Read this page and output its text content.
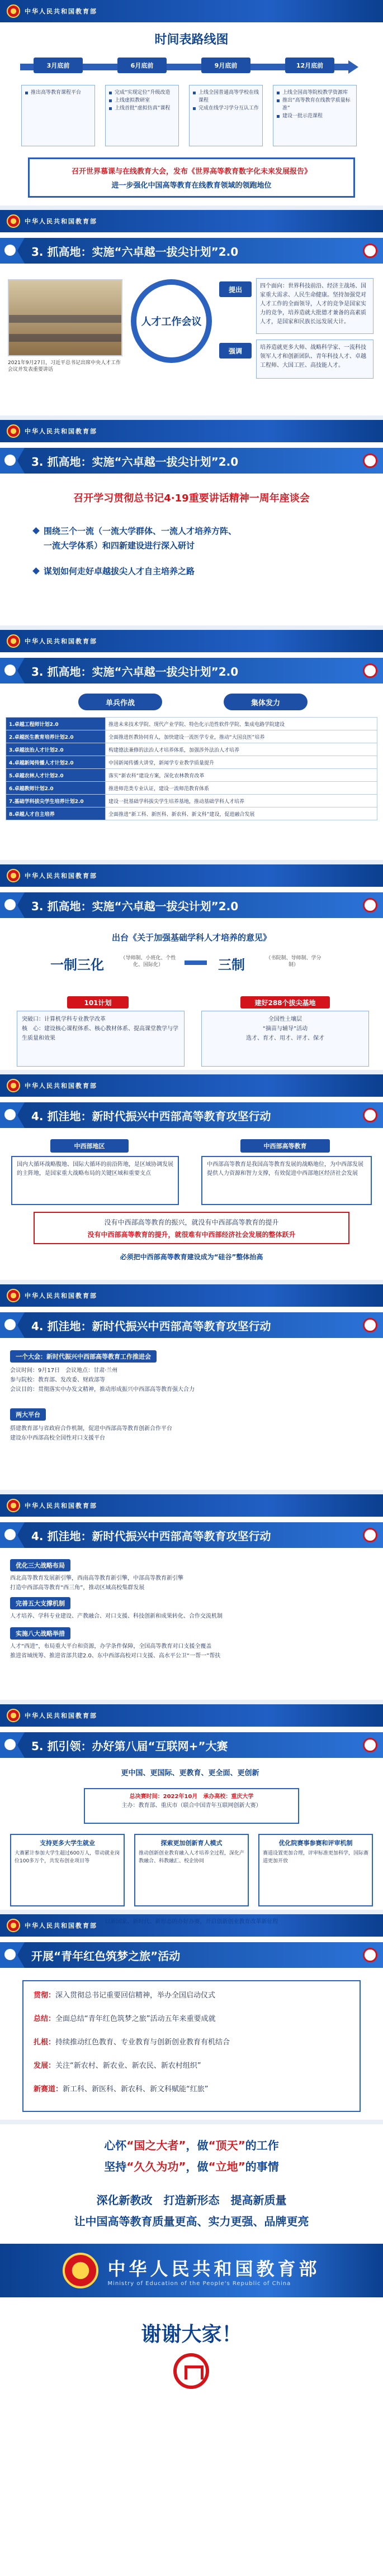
中华人民共和国教育部
时间表路线图
3月底前	6月底前	9月底前	12月底前
推出高等教育课程平台	完成“实现定位”升级改造
上线虚拟教研室
上线首批“虚拟仿真”课程
上线全国普通高等学校在线课程
完成在线学习学分互认工作
上线全国高等院校教学资源库
推出“高等教育在线教学质量标准”
建设一批示范课程
召开世界慕课与在线教育大会，发布《世界高等教育数字化未来发展报告》
进一步强化中国高等教育在线教育领域的领跑地位
中华人民共和国教育部
3. 抓高地：实施“六卓越一拔尖计划”2.0
2021年9月27日，习近平总书记出席中央人才工作会议并发表重要讲话
人才工作会议
提出	四个面向：世界科技前沿、经济主战场、国家重大需求、人民生命健康。坚持加强党对人才工作的全面领导，人才的竞争是国家实力的竞争，培养造就大批德才兼备的高素质人才，是国家和民族长远发展大计。
强调	培养造就更多大师、战略科学家、一流科技领军人才和创新团队、青年科技人才、卓越工程师、大国工匠、高技能人才。
中华人民共和国教育部
3. 抓高地：实施“六卓越一拔尖计划”2.0
召开学习贯彻总书记4·19重要讲话精神一周年座谈会
围绕三个一流（一流大学群体、一流人才培养方阵、
一流大学体系）和四新建设进行深入研讨
谋划如何走好卓越拔尖人才自主培养之路
中华人民共和国教育部
3. 抓高地：实施“六卓越一拔尖计划”2.0
单兵作战	集体发力
1.卓越工程师计划2.0	推进未来技术学院、现代产业学院、特色化示范性软件学院、集成电路学院建设
2.卓越医生教育培养计划2.0	全面推进医教协同育人，加快建设一流医学专业，推动“大国良医”培养
3.卓越法治人才计划2.0	构建德法兼修的法治人才培养体系，加强涉外法治人才培养
4.卓越新闻传播人才计划2.0	中国新闻传播大讲堂，新闻学专业教学质量提升
5.卓越农林人才计划2.0	落实“新农科”建设方案，深化农林教育改革
6.卓越教师计划2.0	推进师范类专业认证，建设一流师范教育体系
7.基础学科拔尖学生培养计划2.0	建设一批基础学科拔尖学生培养基地，推动基础学科人才培养
8.卓越人才自主培养	全面推进“新工科、新医科、新农科、新文科”建设，促进融合发展
中华人民共和国教育部
3. 抓高地：实施“六卓越一拔尖计划”2.0
出台《关于加强基础学科人才培养的意见》
一制三化	（导师制、小班化、个性化、国际化）	三制	（书院制、导师制、学分制）
101计划
突破口：计算机学科专业教学改革
核　心：建设核心课程体系、核心教材体系、提高课堂教学与学生质量和效果
建好288个拔尖基地
全国性土壤层
“摘苗与辅导”活动
选才、育才、用才、评才、保才
中华人民共和国教育部
4. 抓洼地：新时代振兴中西部高等教育攻坚行动
中西部地区	中西部高等教育
国内大循环战略腹地、国际大循环的前沿阵地，是区域协调发展的主阵地，是国家重大战略布局的关键区域和重要支点
中西部高等教育是我国高等教育发展的战略地位，为中西部发展提供人力资源和智力支撑，有效促进中西部地区经济社会发展
没有中西部高等教育的振兴，就没有中西部高等教育的提升
没有中西部高等教育的提升，就很难有中西部经济社会发展的整体跃升
必须把中西部高等教育建设成为“硅谷”整体抬高
中华人民共和国教育部
4. 抓洼地：新时代振兴中西部高等教育攻坚行动
一个大会：新时代振兴中西部高等教育工作推进会
会议时间：9月17日　会议地点：甘肃·兰州
参与院校：教育部、发改委、财政部等
会议目的：贯彻落实中办发文精神，推动形成振兴中西部高等教育强大合力
两大平台
搭建教育部与省政府合作机制，促进中西部高等教育创新合作平台
建设东中西部高校全国性对口支援平台
中华人民共和国教育部
4. 抓洼地：新时代振兴中西部高等教育攻坚行动
优化三大战略布局
西北高等教育发展新引擎，西南高等教育新引擎，中部高等教育新引擎
打造中西部高等教育“西三角”，推动区域高校集群发展
完善五大支撑机制
人才培养、学科专业建设、产教融合、对口支援、科技创新和成果转化、合作交流机制
实施八大战略举措
人才“西进”，布局重大平台和资源，办学条件保障，全国高等教育对口支援全覆盖
推进省域统筹、推进省部共建2.0、东中西部高校对口支援、高水平公卫“一帮一”帮扶
中华人民共和国教育部
5. 抓引领：办好第八届“互联网+”大赛
更中国、更国际、更教育、更全面、更创新
总决赛时间：2022年10月　承办高校：重庆大学
主办：教育部、重庆市（联合中国青年互联网创新大赛）
支持更多大学生就业
大赛累计参加大学生超过600万人，带动就业岗位100多万个，共发布创业项目等
探索更加创新育人模式
推动创新创业教育融入人才培养全过程，深化产教融合、科教融汇、校企协同
优化院赛事参赛和评审机制
赛道设置更加合理，评审标准更加科学，国际赛道更加开放
中华人民共和国教育部
以新国家、新时代、新形态的办好办赛，开启创新创业教育改革新征程
开展“青年红色筑梦之旅”活动
贯彻：深入贯彻总书记重要回信精神，举办全国启动仪式
总结：全面总结“青年红色筑梦之旅”活动五年来重要成就
扎根：持续推动红色教育、专业教育与创新创业教育有机结合
发展：关注“新农村、新农业、新农民、新农村组织”
新赛道：新工科、新医科、新农科、新文科赋能“红旅”
心怀“国之大者”，做“顶天”的工作
坚持“久久为功”，做“立地”的事情
深化新教改　打造新形态　提高新质量
让中国高等教育质量更高、实力更强、品牌更亮
中华人民共和国教育部
Ministry of Education of the People's Republic of China
谢谢大家！
